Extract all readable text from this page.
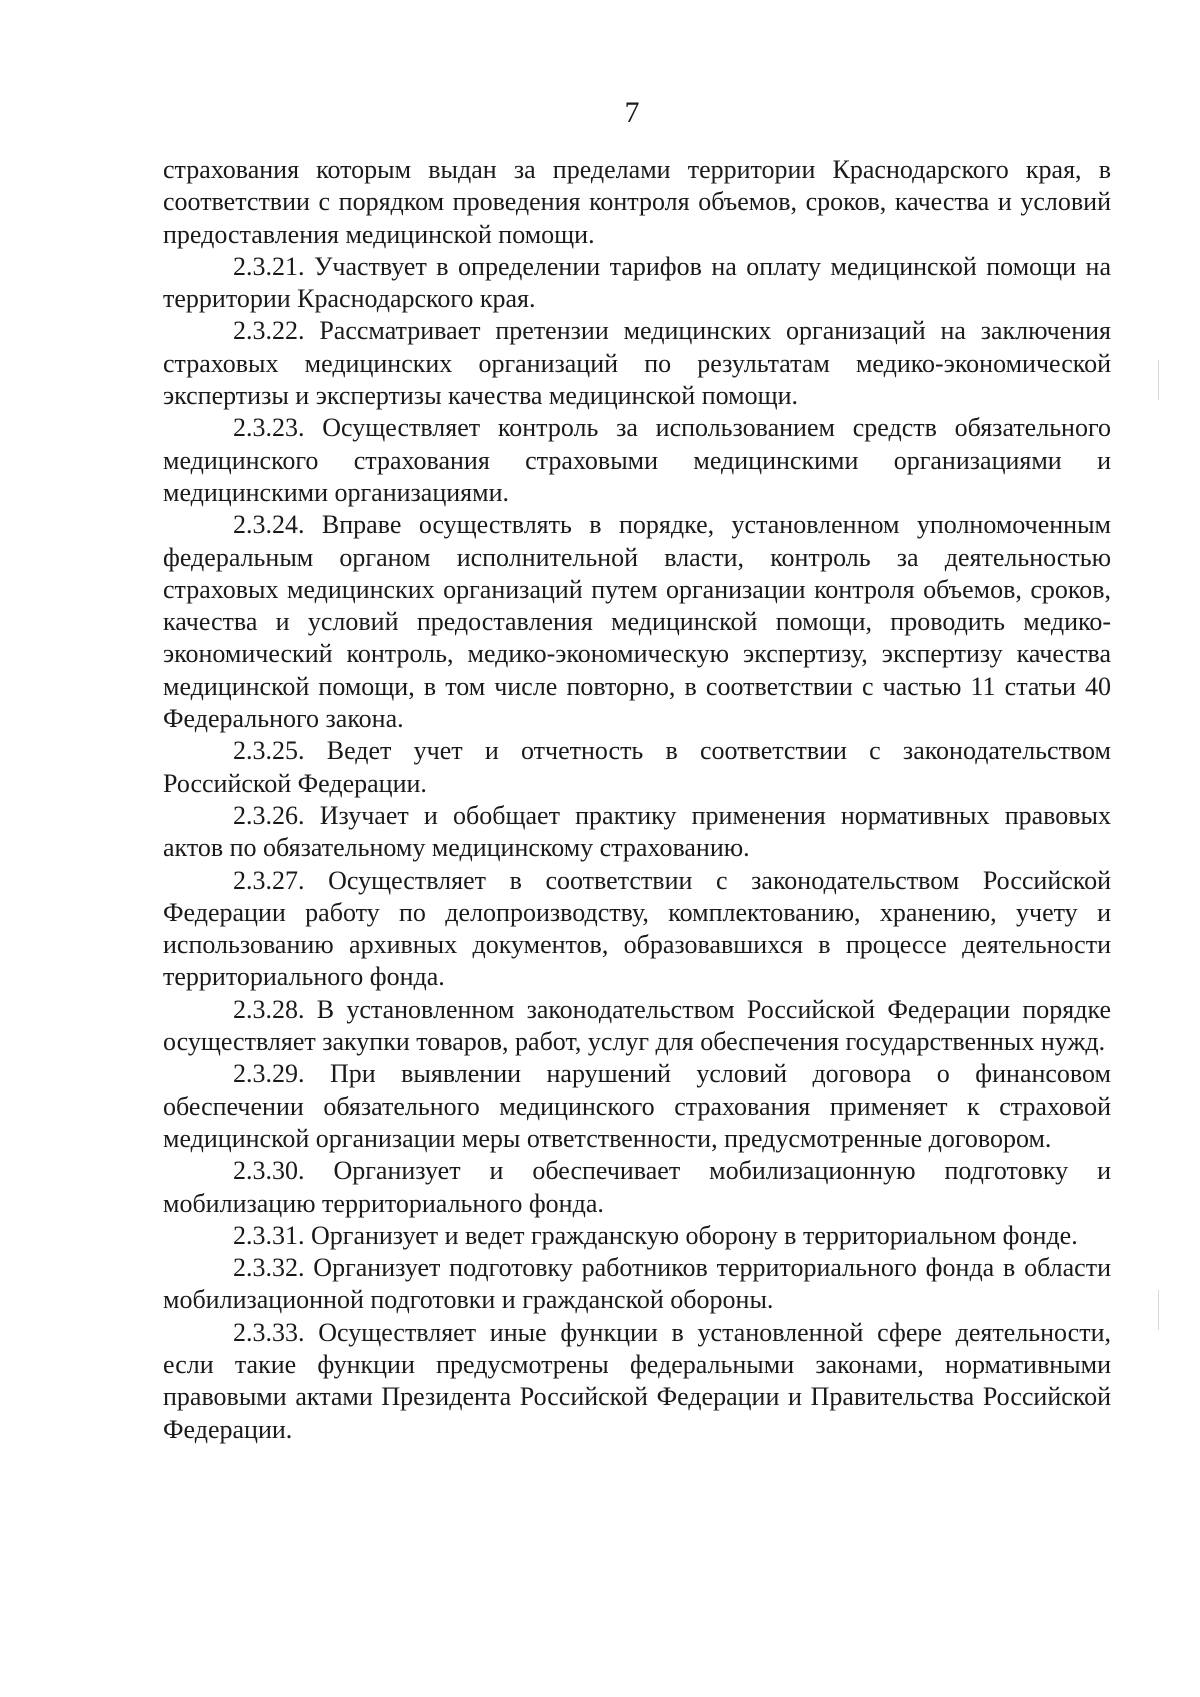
7

страхования которым выдан за пределами территории Краснодарского края, в соответствии с порядком проведения контроля объемов, сроков, качества и условий предоставления медицинской помощи.

2.3.21. Участвует в определении тарифов на оплату медицинской помощи на территории Краснодарского края.

2.3.22. Рассматривает претензии медицинских организаций на заключения страховых медицинских организаций по результатам медико-экономической экспертизы и экспертизы качества медицинской помощи.

2.3.23. Осуществляет контроль за использованием средств обязательного медицинского страхования страховыми медицинскими организациями и медицинскими организациями.

2.3.24. Вправе осуществлять в порядке, установленном уполномоченным федеральным органом исполнительной власти, контроль за деятельностью страховых медицинских организаций путем организации контроля объемов, сроков, качества и условий предоставления медицинской помощи, проводить медико-экономический контроль, медико-экономическую экспертизу, экспертизу качества медицинской помощи, в том числе повторно, в соответствии с частью 11 статьи 40 Федерального закона.

2.3.25. Ведет учет и отчетность в соответствии с законодательством Российской Федерации.

2.3.26. Изучает и обобщает практику применения нормативных правовых актов по обязательному медицинскому страхованию.

2.3.27. Осуществляет в соответствии с законодательством Российской Федерации работу по делопроизводству, комплектованию, хранению, учету и использованию архивных документов, образовавшихся в процессе деятельности территориального фонда.

2.3.28. В установленном законодательством Российской Федерации порядке осуществляет закупки товаров, работ, услуг для обеспечения государственных нужд.

2.3.29. При выявлении нарушений условий договора о финансовом обеспечении обязательного медицинского страхования применяет к страховой медицинской организации меры ответственности, предусмотренные договором.

2.3.30. Организует и обеспечивает мобилизационную подготовку и мобилизацию территориального фонда.

2.3.31. Организует и ведет гражданскую оборону в территориальном фонде.

2.3.32. Организует подготовку работников территориального фонда в области мобилизационной подготовки и гражданской обороны.

2.3.33. Осуществляет иные функции в установленной сфере деятельности, если такие функции предусмотрены федеральными законами, нормативными правовыми актами Президента Российской Федерации и Правительства Российской Федерации.
